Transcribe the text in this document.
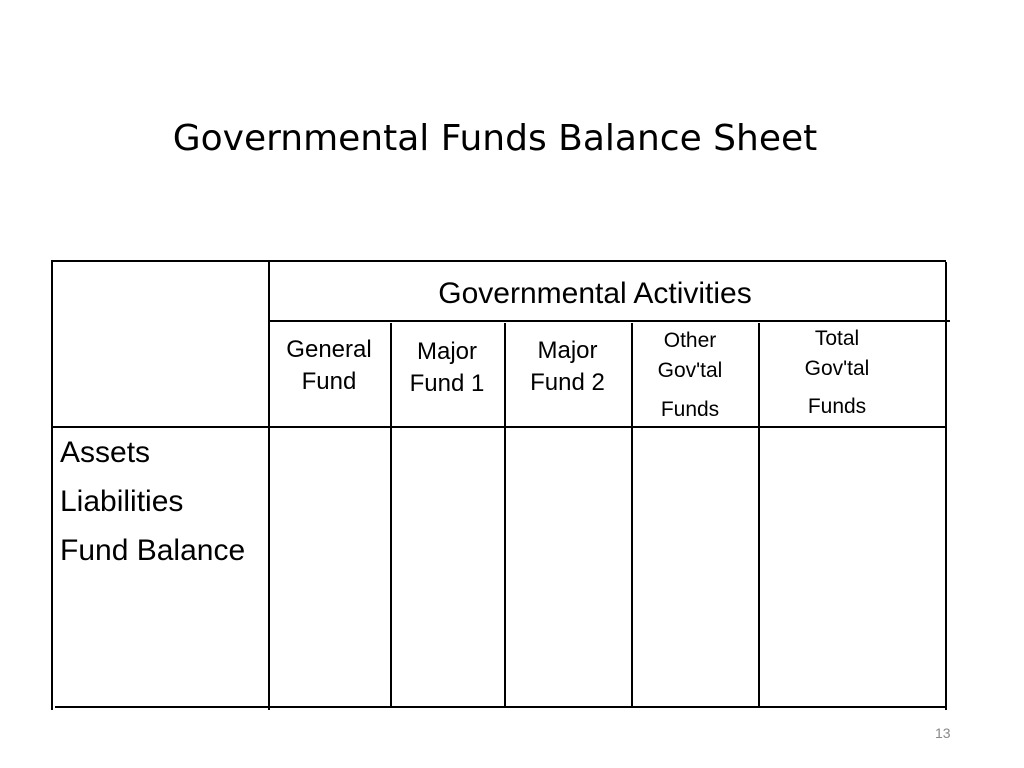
Governmental Funds Balance Sheet
Governmental Activities
General
Fund
Major
Fund 1
Major
Fund 2
Other
Gov'tal
Funds
Total
Gov'tal
Funds
Assets
Liabilities
Fund Balance
13
